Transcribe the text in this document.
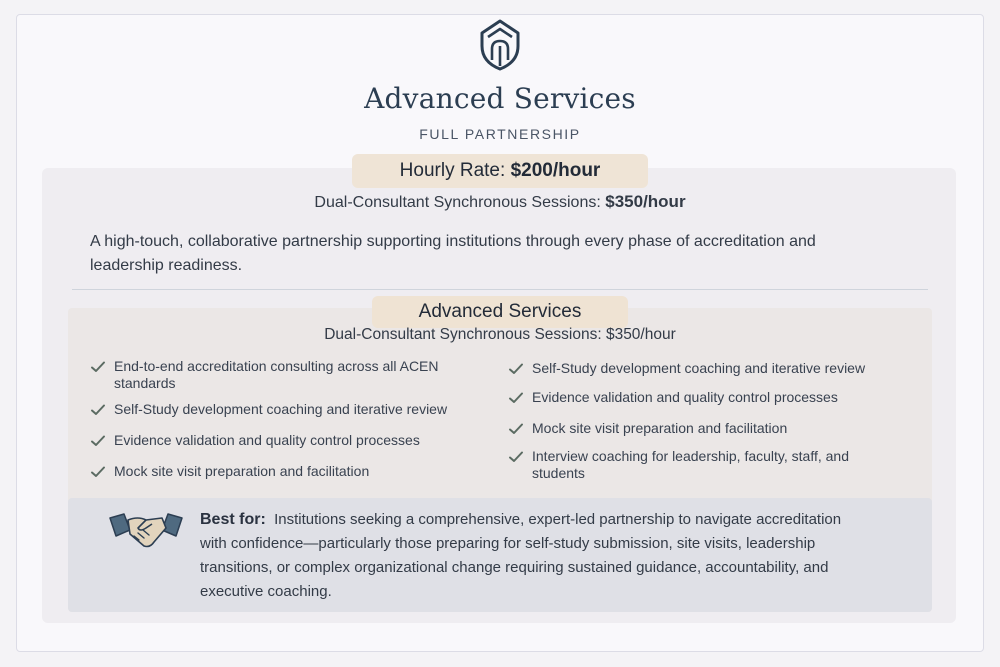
Advanced Services
FULL PARTNERSHIP
Hourly Rate: $200/hour
Dual-Consultant Synchronous Sessions: $350/hour
A high-touch, collaborative partnership supporting institutions through every phase of accreditation and leadership readiness.
Advanced Services
Dual-Consultant Synchronous Sessions: $350/hour
End-to-end accreditation consulting across all ACEN standards
Self-Study development coaching and iterative review
Evidence validation and quality control processes
Mock site visit preparation and facilitation
Self-Study development coaching and iterative review
Evidence validation and quality control processes
Mock site visit preparation and facilitation
Interview coaching for leadership, faculty, staff, and students
Best for: Institutions seeking a comprehensive, expert-led partnership to navigate accreditation with confidence—particularly those preparing for self-study submission, site visits, leadership transitions, or complex organizational change requiring sustained guidance, accountability, and executive coaching.
